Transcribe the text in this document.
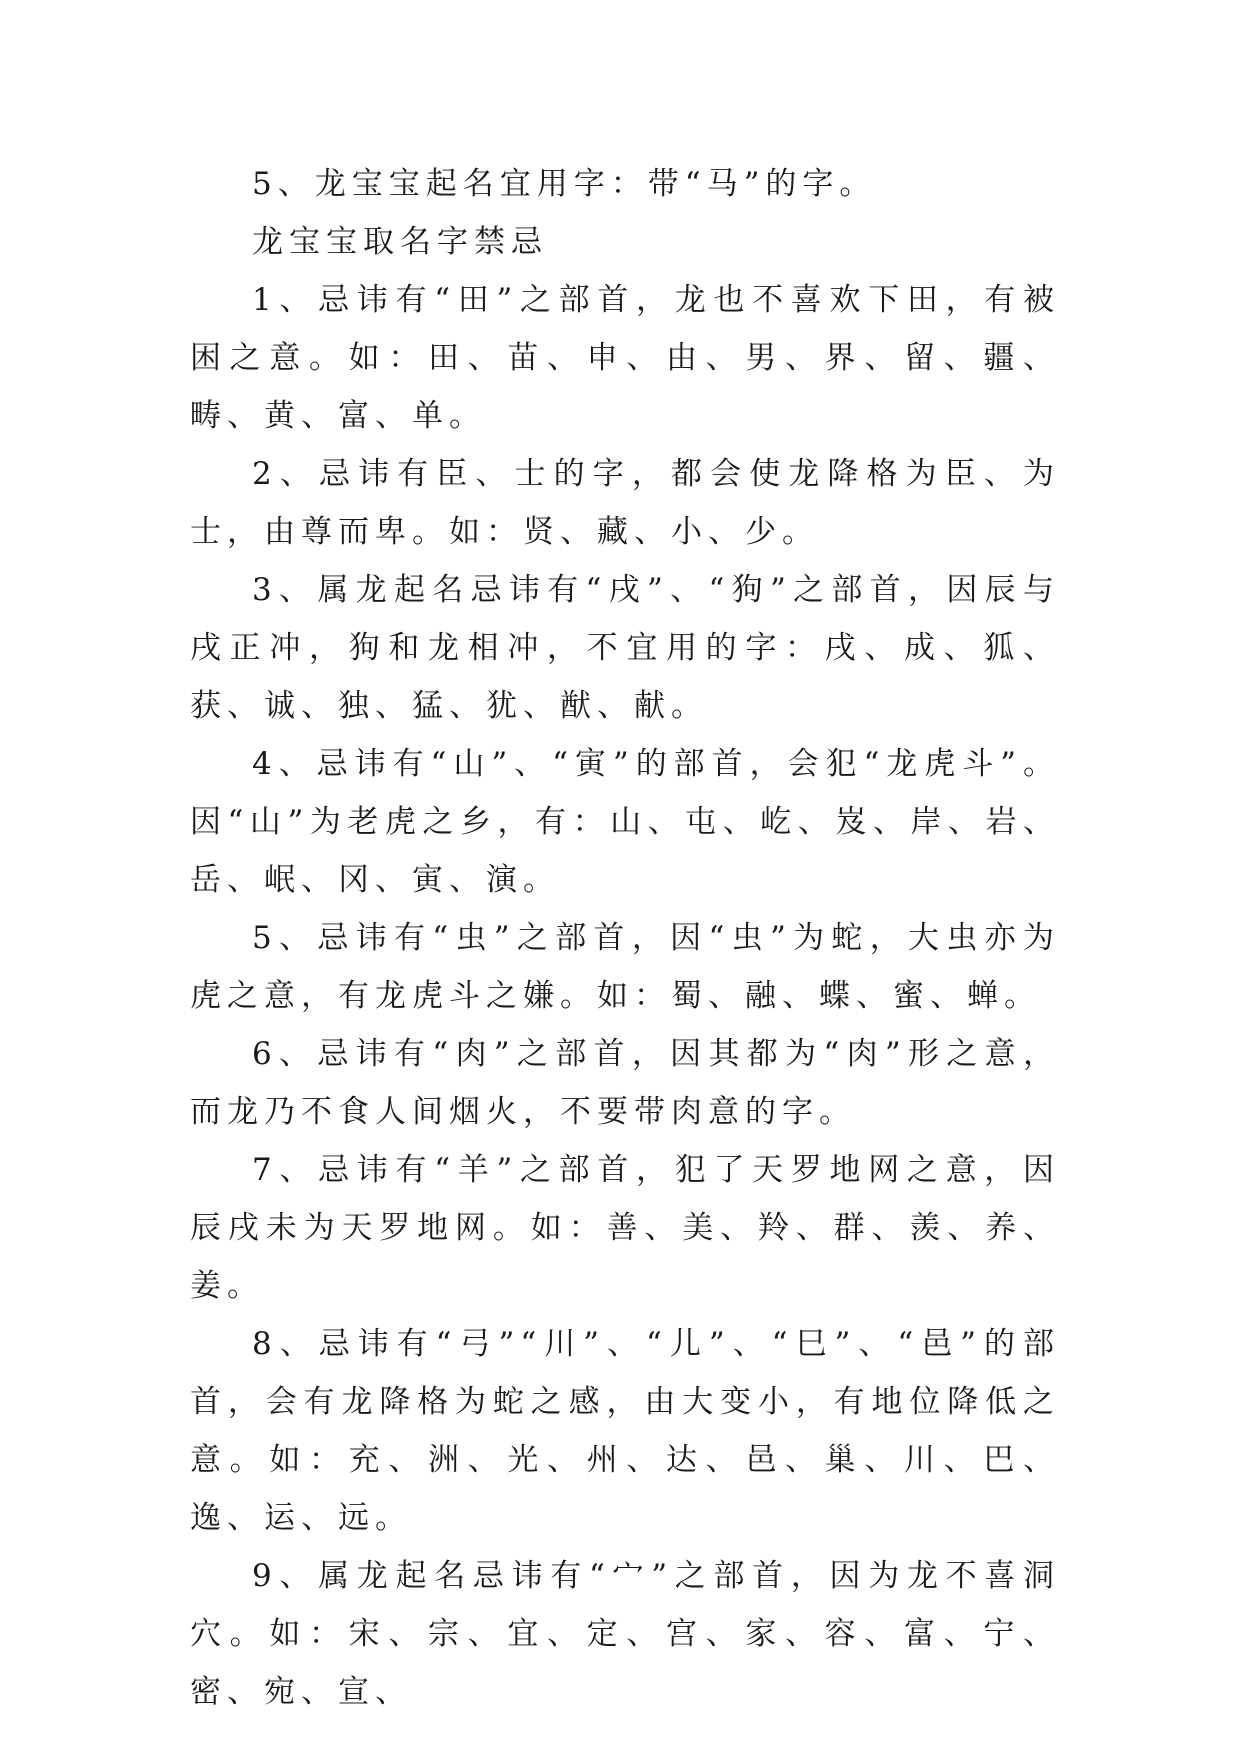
5、龙宝宝起名宜用字：带“马”的字。

龙宝宝取名字禁忌

1、忌讳有“田”之部首，龙也不喜欢下田，有被困之意。如：田、苗、申、由、男、界、留、疆、畴、黄、富、单。

2、忌讳有臣、士的字，都会使龙降格为臣、为士，由尊而卑。如：贤、藏、小、少。

3、属龙起名忌讳有“戌”、“狗”之部首，因辰与戌正冲，狗和龙相冲，不宜用的字：戌、成、狐、获、诚、独、猛、犹、猷、献。

4、忌讳有“山”、“寅”的部首，会犯“龙虎斗”。因“山”为老虎之乡，有：山、屯、屹、岌、岸、岩、岳、岷、冈、寅、演。

5、忌讳有“虫”之部首，因“虫”为蛇，大虫亦为虎之意，有龙虎斗之嫌。如：蜀、融、蝶、蜜、蝉。

6、忌讳有“肉”之部首，因其都为“肉”形之意，而龙乃不食人间烟火，不要带肉意的字。

7、忌讳有“羊”之部首，犯了天罗地网之意，因辰戌未为天罗地网。如：善、美、羚、群、羡、养、姜。

8、忌讳有“弓”“川”、“儿”、“巳”、“邑”的部首，会有龙降格为蛇之感，由大变小，有地位降低之意。如：充、洲、光、州、达、邑、巢、川、巴、逸、运、远。

9、属龙起名忌讳有“宀”之部首，因为龙不喜洞穴。如：宋、宗、宜、定、宫、家、容、富、宁、密、宛、宣、
